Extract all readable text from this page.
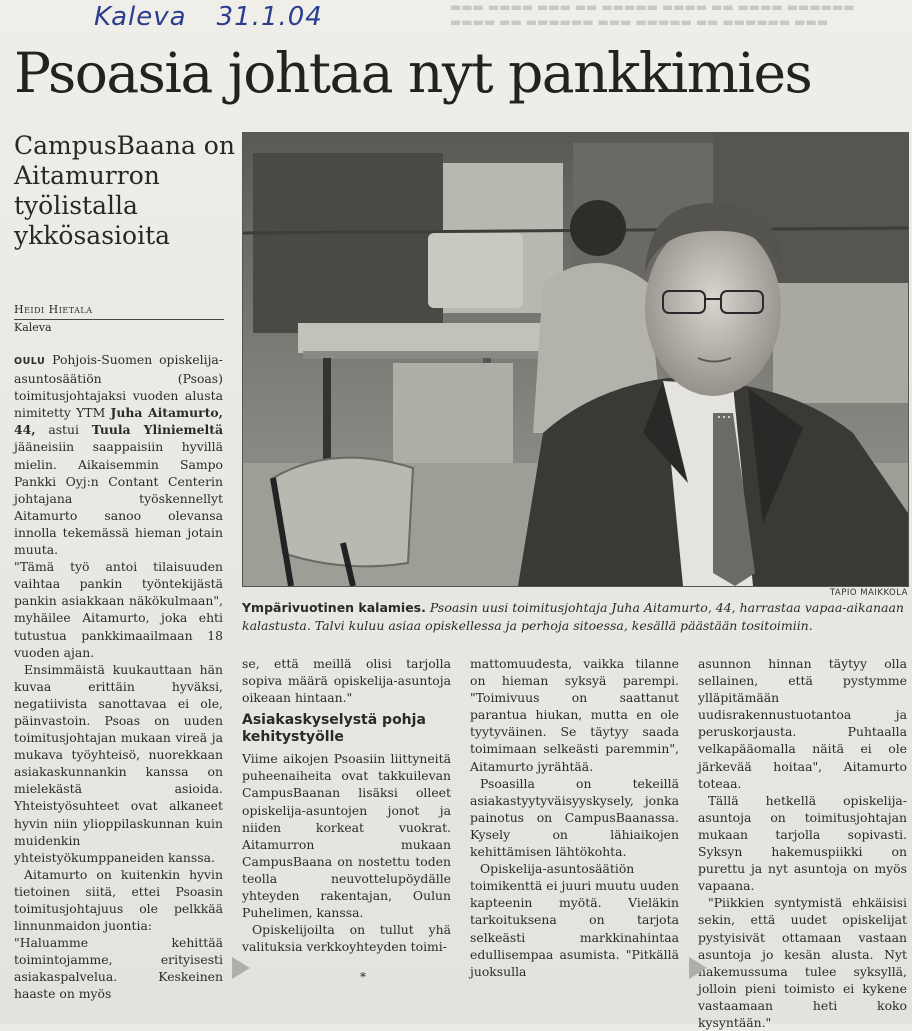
▬▬▬ ▬▬▬▬ ▬▬▬ ▬▬ ▬▬▬▬▬ ▬▬▬▬ ▬▬ ▬▬▬▬ ▬▬▬▬▬▬
▬▬▬▬ ▬▬ ▬▬▬▬▬▬ ▬▬▬ ▬▬▬▬▬ ▬▬ ▬▬▬▬▬▬ ▬▬▬
Kaleva 31.1.04
Psoasia johtaa nyt pankkimies
CampusBaana on Aitamurron työlistalla ykkösasioita
Heidi Hietala
Kaleva
TAPIO MAIKKOLA
Ympärivuotinen kalamies. Psoasin uusi toimitusjohtaja Juha Aitamurto, 44, harrastaa vapaa-aikanaan kalastusta. Talvi kuluu asiaa opiskellessa ja perhoja sitoessa, kesällä päästään tositoimiin.

OULU Pohjois-Suomen opiskelija-asuntosäätiön (Psoas) toimitusjohtajaksi vuoden alusta nimitetty YTM Juha Aitamurto, 44, astui Tuula Yliniemeltä jääneisiin saappaisiin hyvillä mielin. Aikaisemmin Sampo Pankki Oyj:n Contant Centerin johtajana työskennellyt Aitamurto sanoo olevansa innolla tekemässä hieman jotain muuta.

"Tämä työ antoi tilaisuuden vaihtaa pankin työntekijästä pankin asiakkaan näkökulmaan", myhäilee Aitamurto, joka ehti tutustua pankkimaailmaan 18 vuoden ajan.

Ensimmäistä kuukauttaan hän kuvaa erittäin hyväksi, negatiivista sanottavaa ei ole, päinvastoin. Psoas on uuden toimitusjohtajan mukaan vireä ja mukava työyhteisö, nuorekkaan asiakaskunnankin kanssa on mielekästä asioida. Yhteistyösuhteet ovat alkaneet hyvin niin ylioppilaskunnan kuin muidenkin yhteistyökumppaneiden kanssa.

Aitamurto on kuitenkin hyvin tietoinen siitä, ettei Psoasin toimitusjohtajuus ole pelkkää linnunmaidon juontia:

"Haluamme kehittää toimintojamme, erityisesti asiakaspalvelua. Keskeinen haaste on myös

se, että meillä olisi tarjolla sopiva määrä opiskelija-asuntoja oikeaan hintaan."

Asiakaskyselystä pohja kehitystyölle

Viime aikojen Psoasiin liittyneitä puheenaiheita ovat takkuilevan CampusBaanan lisäksi olleet opiskelija-asuntojen jonot ja niiden korkeat vuokrat. Aitamurron mukaan CampusBaana on nostettu toden teolla neuvottelupöydälle yhteyden rakentajan, Oulun Puhelimen, kanssa.

Opiskelijoilta on tullut yhä valituksia verkkoyhteyden toimi-

mattomuudesta, vaikka tilanne on hieman syksyä parempi. "Toimivuus on saattanut parantua hiukan, mutta en ole tyytyväinen. Se täytyy saada toimimaan selkeästi paremmin", Aitamurto jyrähtää.

Psoasilla on tekeillä asiakastyytyväisyyskysely, jonka painotus on CampusBaanassa. Kysely on lähiaikojen kehittämisen lähtökohta.

Opiskelija-asuntosäätiön toimikenttä ei juuri muutu uuden kapteenin myötä. Vieläkin tarkoituksena on tarjota selkeästi markkinahintaa edullisempaa asumista. "Pitkällä juoksulla

asunnon hinnan täytyy olla sellainen, että pystymme ylläpitämään uudisrakennustuotantoa ja peruskorjausta. Puhtaalla velkapääomalla näitä ei ole järkevää hoitaa", Aitamurto toteaa.

Tällä hetkellä opiskelija-asuntoja on toimitusjohtajan mukaan tarjolla sopivasti. Syksyn hakemuspiikki on purettu ja nyt asuntoja on myös vapaana.

"Piikkien syntymistä ehkäisisi sekin, että uudet opiskelijat pystyisivät ottamaan vastaan asuntoja jo kesän alusta. Nyt hakemussuma tulee syksyllä, jolloin pieni toimisto ei kykene vastaamaan heti koko kysyntään."

*
